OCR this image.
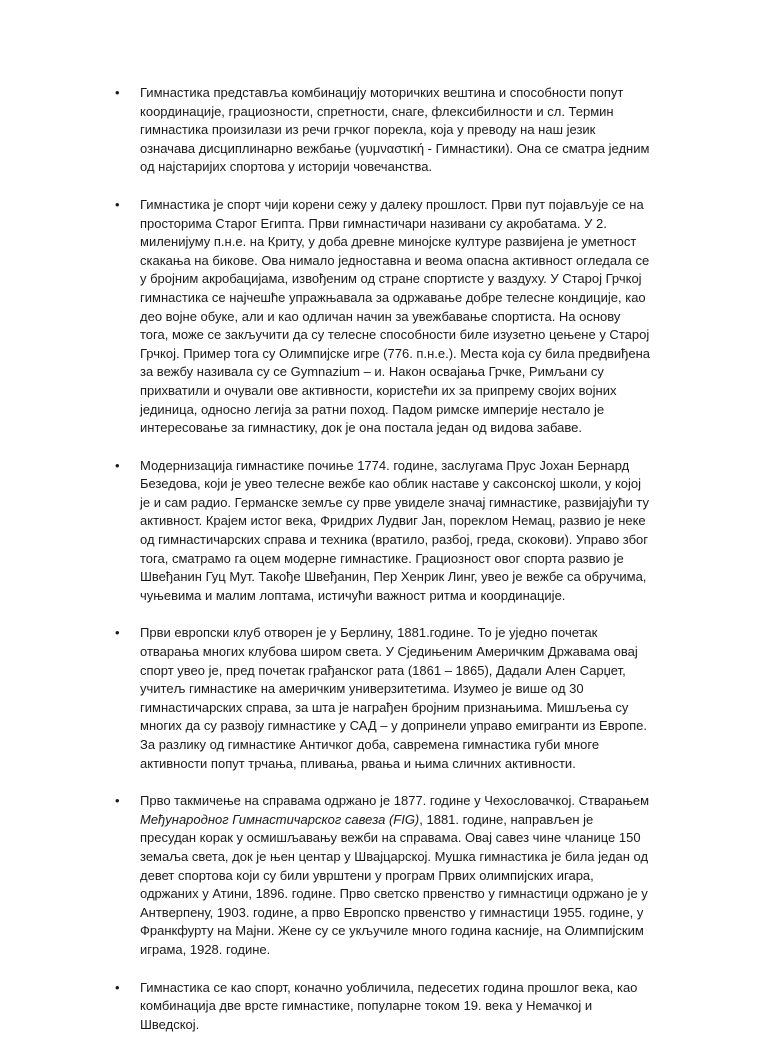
• Гимнастика представља комбинацију моторичких вештина и способности попут координације, грациозности, спретности, снаге, флексибилности и сл. Термин гимнастика произилази из речи грчког порекла, која у преводу на наш језик означава дисциплинарно вежбање (γυμναστική - Гимнастики). Она се сматра једним од најстаријих спортова у историји човечанства.
• Гимнастика је спорт чији корени сежу у далеку прошлост. Први пут појављује се на просторима Старог Египта. Први гимнастичари називани су акробатама. У 2. миленијуму п.н.е. на Криту, у доба древне минојске културе развијена је уметност скакања на бикове. Ова нимало једноставна и веома опасна активност огледала се у бројним акробацијама, извођеним од стране спортисте у ваздуху. У Старој Грчкој гимнастика се најчешће упражњавала за одржавање добре телесне кондиције, као део војне обуке, али и као одличан начин за увежбавање спортиста. На основу тога, може се закључити да су телесне способности биле изузетно цењене у Старој Грчкој. Пример тога су Олимпијске игре (776. п.н.е.). Места која су била предвиђена за вежбу називала су се Gymnazium – и. Након освајања Грчке, Римљани су прихватили и очували ове активности, користећи их за припрему својих војних јединица, односно легија за ратни поход. Падом римске империје нестало је интересовање за гимнастику, док је она постала један од видова забаве.
• Модернизација гимнастике почиње 1774. године, заслугама Прус Јохан Бернард Безедова, који је увео телесне вежбе као облик наставе у саксонској школи, у којој је и сам радио. Германске земље су прве увиделе значај гимнастике, развијајући ту активност. Крајем истог века, Фридрих Лудвиг Јан, пореклом Немац, развио је неке од гимнастичарских справа и техника (вратило, разбој, греда, скокови). Управо због тога, сматрамо га оцем модерне гимнастике. Грациозност овог спорта развио је Швеђанин Гуц Мут. Такође Швеђанин, Пер Хенрик Линг, увео је вежбе са обручима, чуњевима и малим лоптама, истичући важност ритма и координације.
• Први европски клуб отворен је у Берлину, 1881.године. То је уједно почетак отварања многих клубова широм света. У Сједињеним Америчким Државама овај спорт увео је, пред почетак грађанског рата (1861 – 1865), Дадали Ален Сарџет, учитељ гимнастике на америчким универзитетима. Изумео је више од 30 гимнастичарских справа, за шта је награђен бројним признањима. Мишљења су многих да су развоју гимнастике у САД – у допринели управо емигранти из Европе. За разлику од гимнастике Античког доба, савремена гимнастика губи многе активности попут трчања, пливања, рвања и њима сличних активности.
• Прво такмичење на справама одржано је 1877. године у Чехословачкој. Стварањем Међународног Гимнастичарског савеза (FIG), 1881. године, направљен је пресудан корак у осмишљавању вежби на справама. Овај савез чине чланице 150 земаља света, док је њен центар у Швајцарској. Мушка гимнастика је била један од девет спортова који су били уврштени у програм Првих олимпијских игара, одржаних у Атини, 1896. године. Прво светско првенство у гимнастици одржано је у Антверпену, 1903. године, а прво Европско првенство у гимнастици 1955. године, у Франкфурту на Мајни. Жене су се укључиле много година касније, на Олимпијским играма, 1928. године.
• Гимнастика се као спорт, коначно уобличила, педесетих година прошлог века, као комбинација две врсте гимнастике, популарне током 19. века у Немачкој и Шведској.
